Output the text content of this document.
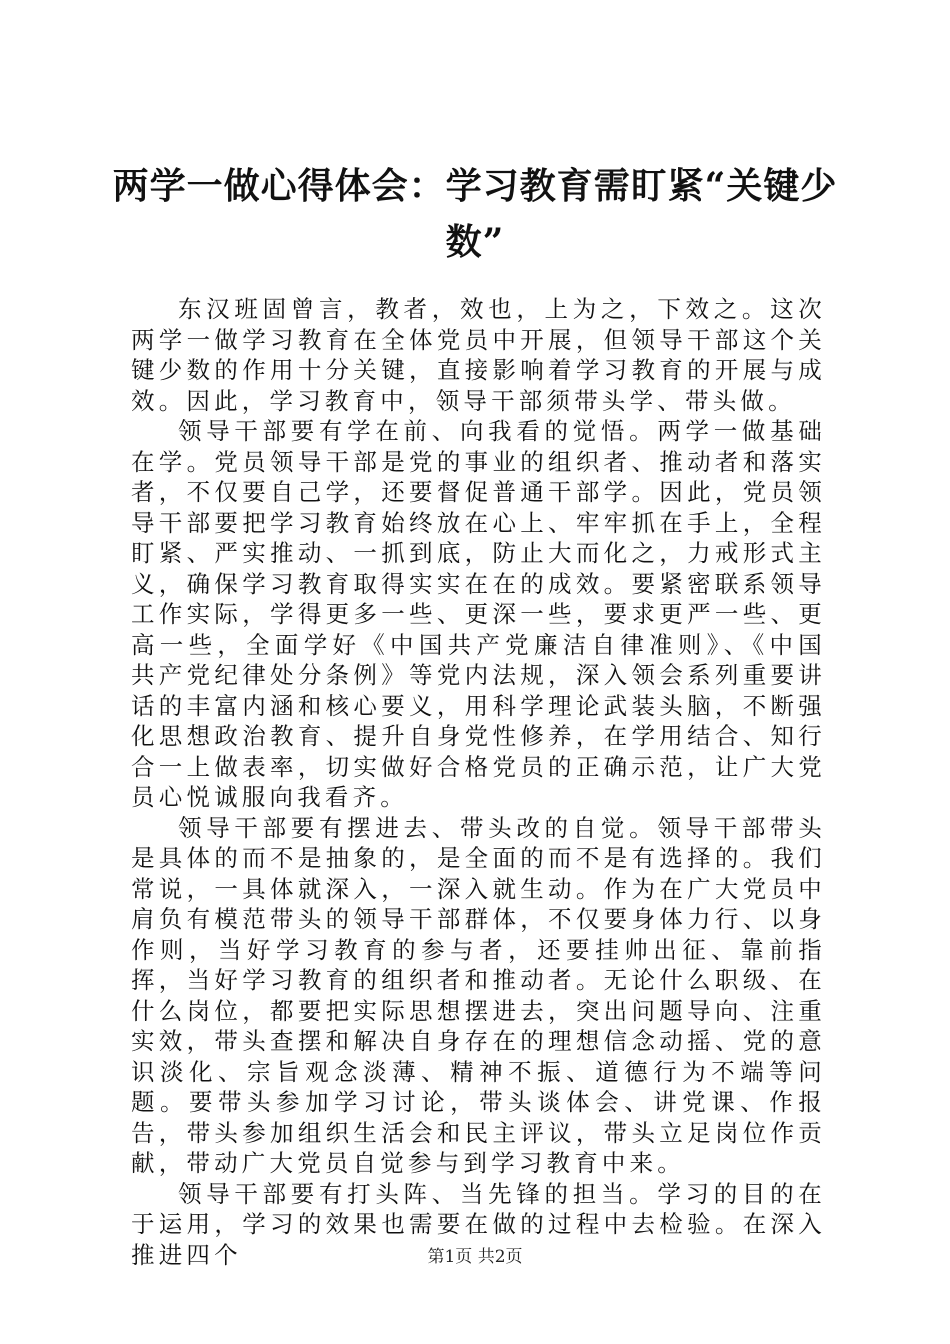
两学一做心得体会：学习教育需盯紧“关键少数”

东汉班固曾言，教者，效也，上为之，下效之。这次两学一做学习教育在全体党员中开展，但领导干部这个关键少数的作用十分关键，直接影响着学习教育的开展与成效。因此，学习教育中，领导干部须带头学、带头做。

领导干部要有学在前、向我看的觉悟。两学一做基础在学。党员领导干部是党的事业的组织者、推动者和落实者，不仅要自己学，还要督促普通干部学。因此，党员领导干部要把学习教育始终放在心上、牢牢抓在手上，全程盯紧、严实推动、一抓到底，防止大而化之，力戒形式主义，确保学习教育取得实实在在的成效。要紧密联系领导工作实际，学得更多一些、更深一些，要求更严一些、更高一些，全面学好《中国共产党廉洁自律准则》、《中国共产党纪律处分条例》等党内法规，深入领会系列重要讲话的丰富内涵和核心要义，用科学理论武装头脑，不断强化思想政治教育、提升自身党性修养，在学用结合、知行合一上做表率，切实做好合格党员的正确示范，让广大党员心悦诚服向我看齐。

领导干部要有摆进去、带头改的自觉。领导干部带头是具体的而不是抽象的，是全面的而不是有选择的。我们常说，一具体就深入，一深入就生动。作为在广大党员中肩负有模范带头的领导干部群体，不仅要身体力行、以身作则，当好学习教育的参与者，还要挂帅出征、靠前指挥，当好学习教育的组织者和推动者。无论什么职级、在什么岗位，都要把实际思想摆进去，突出问题导向、注重实效，带头查摆和解决自身存在的理想信念动摇、党的意识淡化、宗旨观念淡薄、精神不振、道德行为不端等问题。要带头参加学习讨论，带头谈体会、讲党课、作报告，带头参加组织生活会和民主评议，带头立足岗位作贡献，带动广大党员自觉参与到学习教育中来。

领导干部要有打头阵、当先锋的担当。学习的目的在于运用，学习的效果也需要在做的过程中去检验。在深入推进四个	第1页 共2页
